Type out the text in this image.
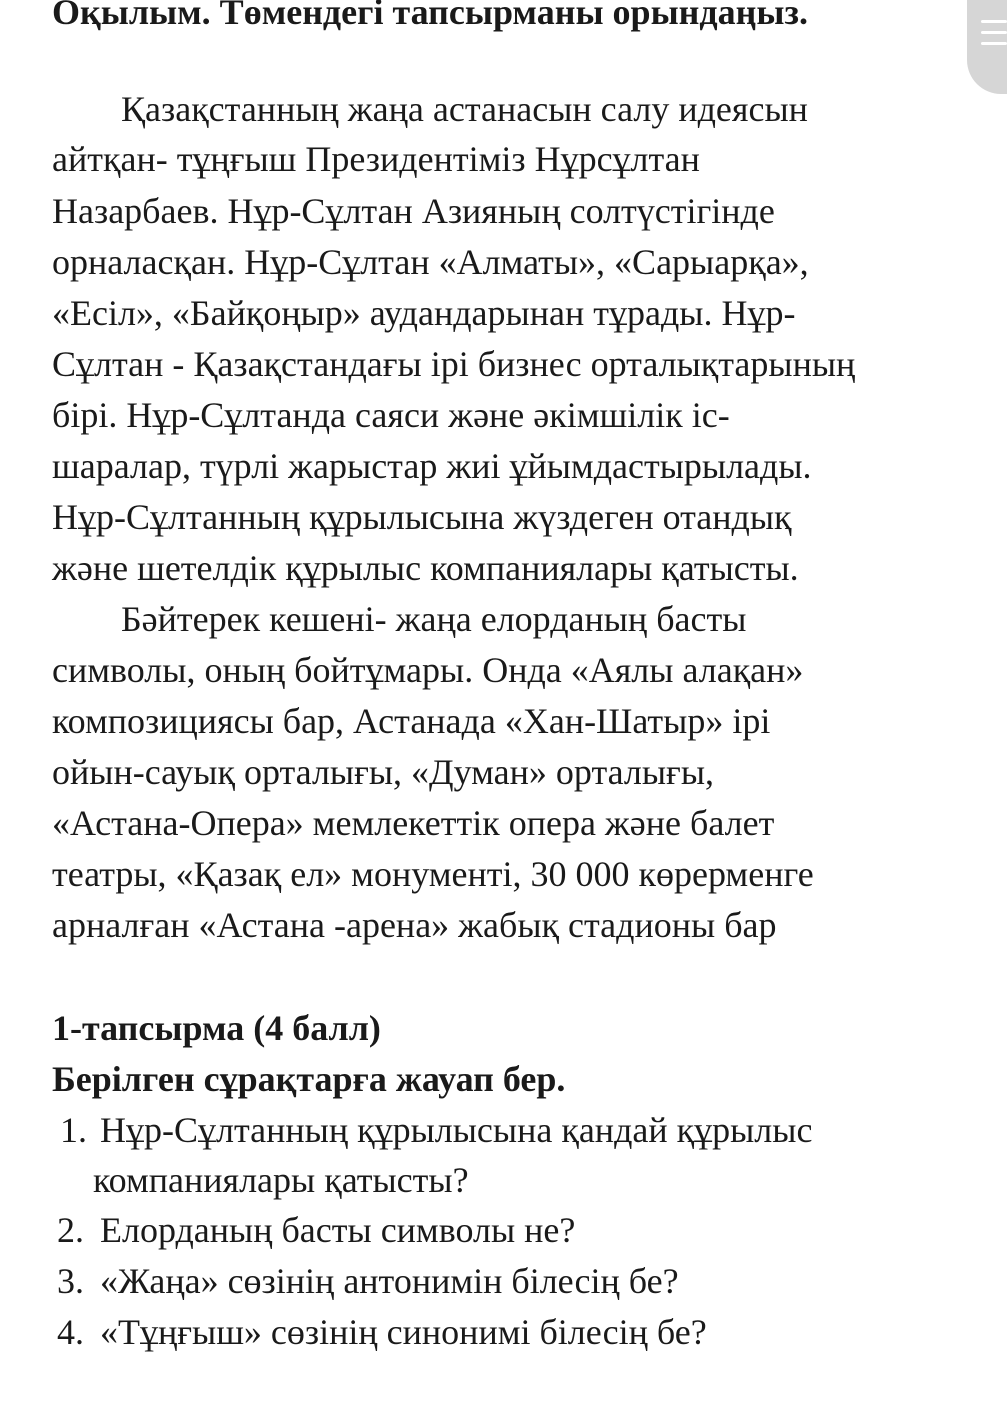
Оқылым. Төмендегі тапсырманы орындаңыз.

Қазақстанның жаңа астанасын салу идеясын

айтқан- тұңғыш Президентіміз Нұрсұлтан

Назарбаев. Нұр-Сұлтан Азияның солтүстігінде

орналасқан. Нұр-Сұлтан «Алматы», «Сарыарқа»,

«Есіл», «Байқоңыр» аудандарынан тұрады. Нұр-

Сұлтан - Қазақстандағы ірі бизнес орталықтарының

бірі. Нұр-Сұлтанда саяси және әкімшілік іс-

шаралар, түрлі жарыстар жиі ұйымдастырылады.

Нұр-Сұлтанның құрылысына жүздеген отандық

және шетелдік құрылыс компаниялары қатысты.

Бәйтерек кешені- жаңа елорданың басты

символы, оның бойтұмары. Онда «Аялы алақан»

композициясы бар, Астанада «Хан-Шатыр» ірі

ойын-сауық орталығы, «Думан» орталығы,

«Астана-Опера» мемлекеттік опера және балет

театры, «Қазақ ел» монументі, 30 000 көрерменге

арналған «Астана -арена» жабық стадионы бар

1-тапсырма (4 балл)

Берілген сұрақтарға жауап бер.

1. Нұр-Сұлтанның құрылысына қандай құрылыс
компаниялары қатысты?
2. Елорданың басты символы не?
3. «Жаңа» сөзінің антонимін білесің бе?
4. «Тұңғыш» сөзінің синонимі білесің бе?
